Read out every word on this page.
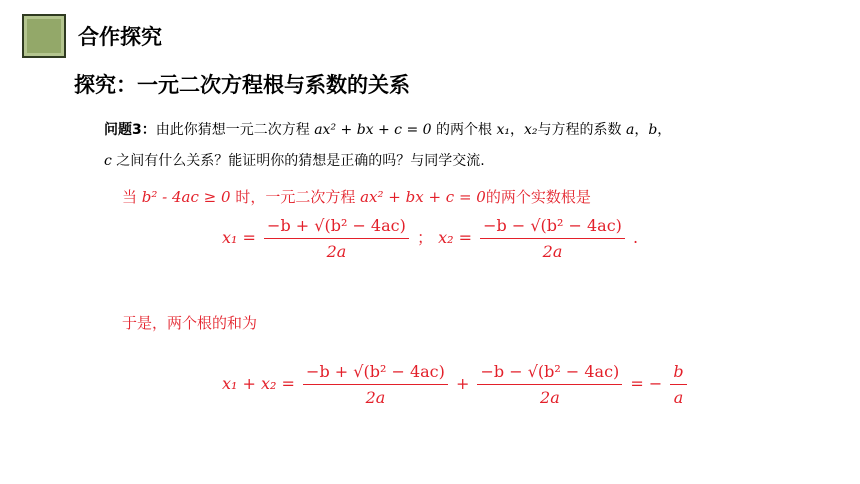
合作探究
探究：一元二次方程根与系数的关系
问题3：由此你猜想一元二次方程 ax² + bx + c = 0 的两个根 x₁，x₂与方程的系数 a，b，
c 之间有什么关系？能证明你的猜想是正确的吗？与同学交流.
当 b² - 4ac ≥ 0 时，一元二次方程 ax² + bx + c = 0的两个实数根是
$x_1 = \frac{\text{−b + √(b² − 4ac)}}{2a}$ ； $x_2 = \frac{\text{−b − √(b² − 4ac)}}{2a}$ .
于是，两个根的和为
$x_1 + x_2 = \frac{\text{−b + √(b² − 4ac)}}{2a} + \frac{\text{−b − √(b² − 4ac)}}{2a}$ = − $\frac{b}{a}$
